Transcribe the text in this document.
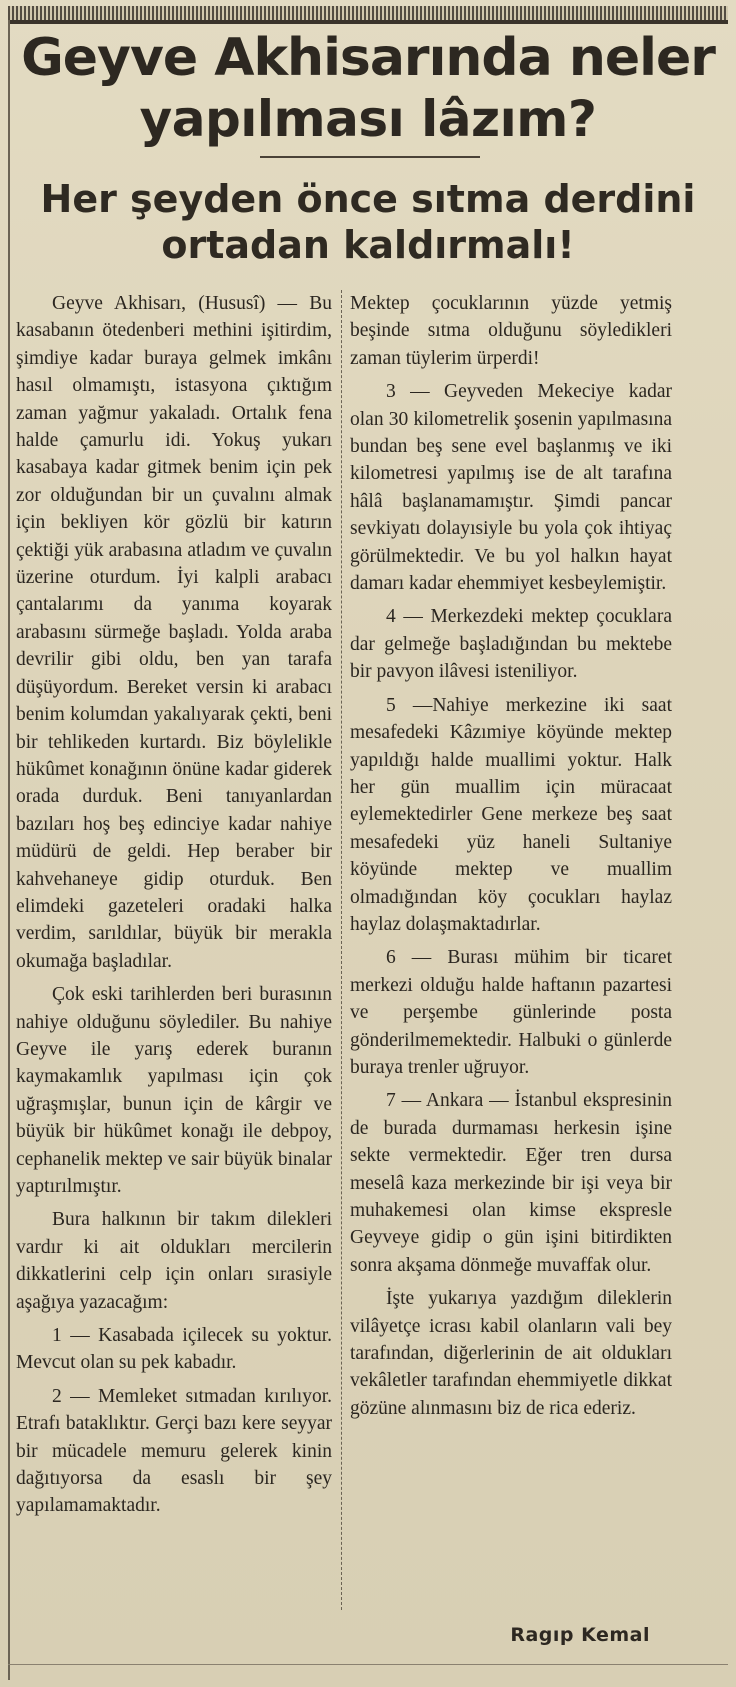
Geyve Akhisarında neler
yapılması lâzım?
Her şeyden önce sıtma derdini
ortadan kaldırmalı!

Geyve Akhisarı, (Hususî) — Bu kasabanın ötedenberi methini işitirdim, şimdiye kadar buraya gelmek imkânı hasıl olmamıştı, istasyona çıktığım zaman yağmur yakaladı. Ortalık fena halde çamurlu idi. Yokuş yukarı kasabaya kadar gitmek benim için pek zor olduğundan bir un çuvalını almak için bekliyen kör gözlü bir katırın çektiği yük arabasına atladım ve çuvalın üzerine oturdum. İyi kalpli arabacı çantalarımı da yanıma koyarak arabasını sürmeğe başladı. Yolda araba devrilir gibi oldu, ben yan tarafa düşüyordum. Bereket versin ki arabacı benim kolumdan yakalıyarak çekti, beni bir tehlikeden kurtardı. Biz böylelikle hükûmet konağının önüne kadar giderek orada durduk. Beni tanıyanlardan bazıları hoş beş edinciye kadar nahiye müdürü de geldi. Hep beraber bir kahvehaneye gidip oturduk. Ben elimdeki gazeteleri oradaki halka verdim, sarıldılar, büyük bir merakla okumağa başladılar.

Çok eski tarihlerden beri burasının nahiye olduğunu söylediler. Bu nahiye Geyve ile yarış ederek buranın kaymakamlık yapılması için çok uğraşmışlar, bunun için de kârgir ve büyük bir hükûmet konağı ile debpoy, cephanelik mektep ve sair büyük binalar yaptırılmıştır.

Bura halkının bir takım dilekleri vardır ki ait oldukları mercilerin dikkatlerini celp için onları sırasiyle aşağıya yazacağım:

1 — Kasabada içilecek su yoktur. Mevcut olan su pek kabadır.

2 — Memleket sıtmadan kırılıyor. Etrafı bataklıktır. Gerçi bazı kere seyyar bir mücadele memuru gelerek kinin dağıtıyorsa da esaslı bir şey yapılamamaktadır.

Mektep çocuklarının yüzde yetmiş beşinde sıtma olduğunu söyledikleri zaman tüylerim ürperdi!

3 — Geyveden Mekeciye kadar olan 30 kilometrelik şosenin yapılmasına bundan beş sene evel başlanmış ve iki kilometresi yapılmış ise de alt tarafına hâlâ başlanamamıştır. Şimdi pancar sevkiyatı dolayısiyle bu yola çok ihtiyaç görülmektedir. Ve bu yol halkın hayat damarı kadar ehemmiyet kesbeylemiştir.

4 — Merkezdeki mektep çocuklara dar gelmeğe başladığından bu mektebe bir pavyon ilâvesi isteniliyor.

5 —Nahiye merkezine iki saat mesafedeki Kâzımiye köyünde mektep yapıldığı halde muallimi yoktur. Halk her gün muallim için müracaat eylemektedirler Gene merkeze beş saat mesafedeki yüz haneli Sultaniye köyünde mektep ve muallim olmadığından köy çocukları haylaz haylaz dolaşmaktadırlar.

6 — Burası mühim bir ticaret merkezi olduğu halde haftanın pazartesi ve perşembe günlerinde posta gönderilmemektedir. Halbuki o günlerde buraya trenler uğruyor.

7 — Ankara — İstanbul ekspresinin de burada durmaması herkesin işine sekte vermektedir. Eğer tren dursa meselâ kaza merkezinde bir işi veya bir muhakemesi olan kimse ekspresle Geyveye gidip o gün işini bitirdikten sonra akşama dönmeğe muvaffak olur.

İşte yukarıya yazdığım dileklerin vilâyetçe icrası kabil olanların vali bey tarafından, diğerlerinin de ait oldukları vekâletler tarafından ehemmiyetle dikkat gözüne alınmasını biz de rica ederiz.

Ragıp Kemal
